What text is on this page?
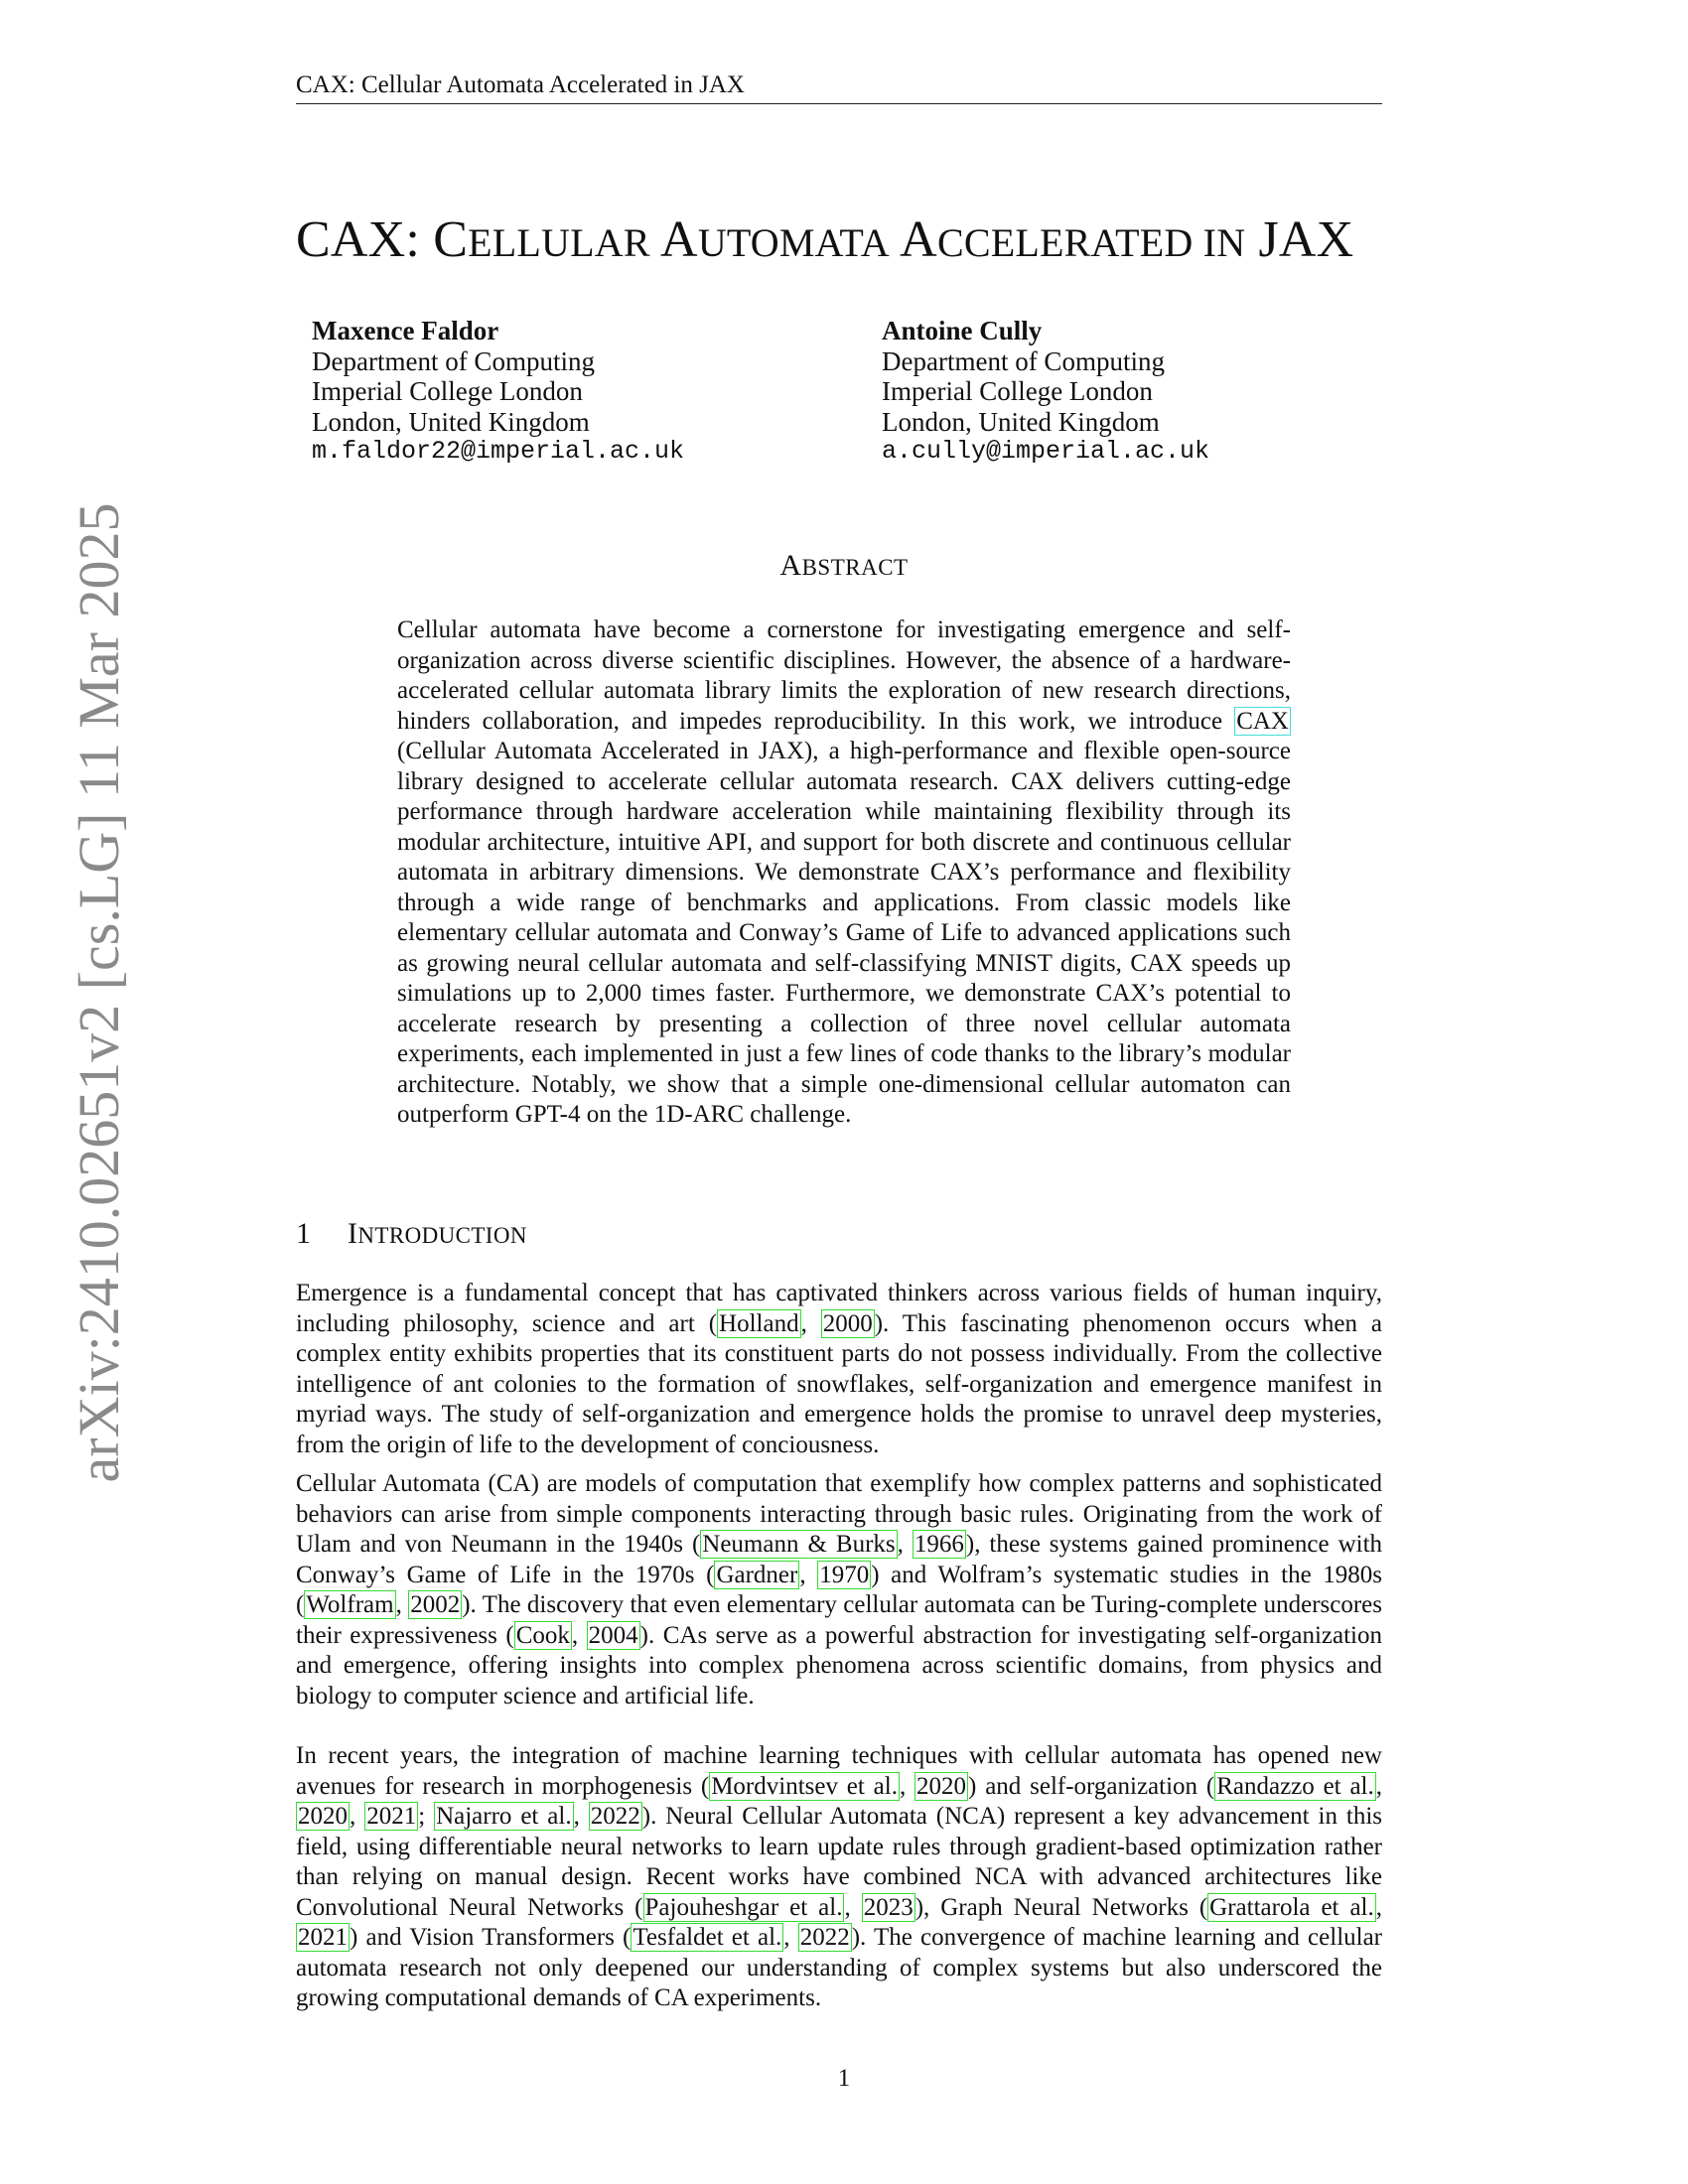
CAX: Cellular Automata Accelerated in JAX
arXiv:2410.02651v2 [cs.LG] 11 Mar 2025
CAX: CELLULAR AUTOMATA ACCELERATED IN JAX
Maxence Faldor
Department of Computing
Imperial College London
London, United Kingdom
m.faldor22@imperial.ac.uk
Antoine Cully
Department of Computing
Imperial College London
London, United Kingdom
a.cully@imperial.ac.uk
ABSTRACT
Cellular automata have become a cornerstone for investigating emergence and self-organization across diverse scientific disciplines. However, the absence of a hardware-accelerated cellular automata library limits the exploration of new research directions, hinders collaboration, and impedes reproducibility. In this work, we introduce CAX (Cellular Automata Accelerated in JAX), a high-performance and flexible open-source library designed to accelerate cellular automata research. CAX delivers cutting-edge performance through hardware acceleration while maintaining flexibility through its modular architecture, intuitive API, and support for both discrete and continuous cellular automata in arbitrary dimensions. We demonstrate CAX’s performance and flexibility through a wide range of benchmarks and applications. From classic models like elementary cellular automata and Conway’s Game of Life to advanced applications such as growing neural cellular automata and self-classifying MNIST digits, CAX speeds up simulations up to 2,000 times faster. Furthermore, we demonstrate CAX’s potential to accelerate research by presenting a collection of three novel cellular automata experiments, each implemented in just a few lines of code thanks to the library’s modular architecture. Notably, we show that a simple one-dimensional cellular automaton can outperform GPT-4 on the 1D-ARC challenge.
1 INTRODUCTION

Emergence is a fundamental concept that has captivated thinkers across various fields of human inquiry, including philosophy, science and art (Holland, 2000). This fascinating phenomenon occurs when a complex entity exhibits properties that its constituent parts do not possess individually. From the collective intelligence of ant colonies to the formation of snowflakes, self-organization and emergence manifest in myriad ways. The study of self-organization and emergence holds the promise to unravel deep mysteries, from the origin of life to the development of conciousness.

Cellular Automata (CA) are models of computation that exemplify how complex patterns and sophisticated behaviors can arise from simple components interacting through basic rules. Originating from the work of Ulam and von Neumann in the 1940s (Neumann & Burks, 1966), these systems gained prominence with Conway’s Game of Life in the 1970s (Gardner, 1970) and Wolfram’s systematic studies in the 1980s (Wolfram, 2002). The discovery that even elementary cellular automata can be Turing-complete underscores their expressiveness (Cook, 2004). CAs serve as a powerful abstraction for investigating self-organization and emergence, offering insights into complex phenomena across scientific domains, from physics and biology to computer science and artificial life.

In recent years, the integration of machine learning techniques with cellular automata has opened new avenues for research in morphogenesis (Mordvintsev et al., 2020) and self-organization (Randazzo et al., 2020, 2021; Najarro et al., 2022). Neural Cellular Automata (NCA) represent a key advancement in this field, using differentiable neural networks to learn update rules through gradient-based optimization rather than relying on manual design. Recent works have combined NCA with advanced architectures like Convolutional Neural Networks (Pajouheshgar et al., 2023), Graph Neural Networks (Grattarola et al., 2021) and Vision Transformers (Tesfaldet et al., 2022). The convergence of machine learning and cellular automata research not only deepened our understanding of complex systems but also underscored the growing computational demands of CA experiments.

1
